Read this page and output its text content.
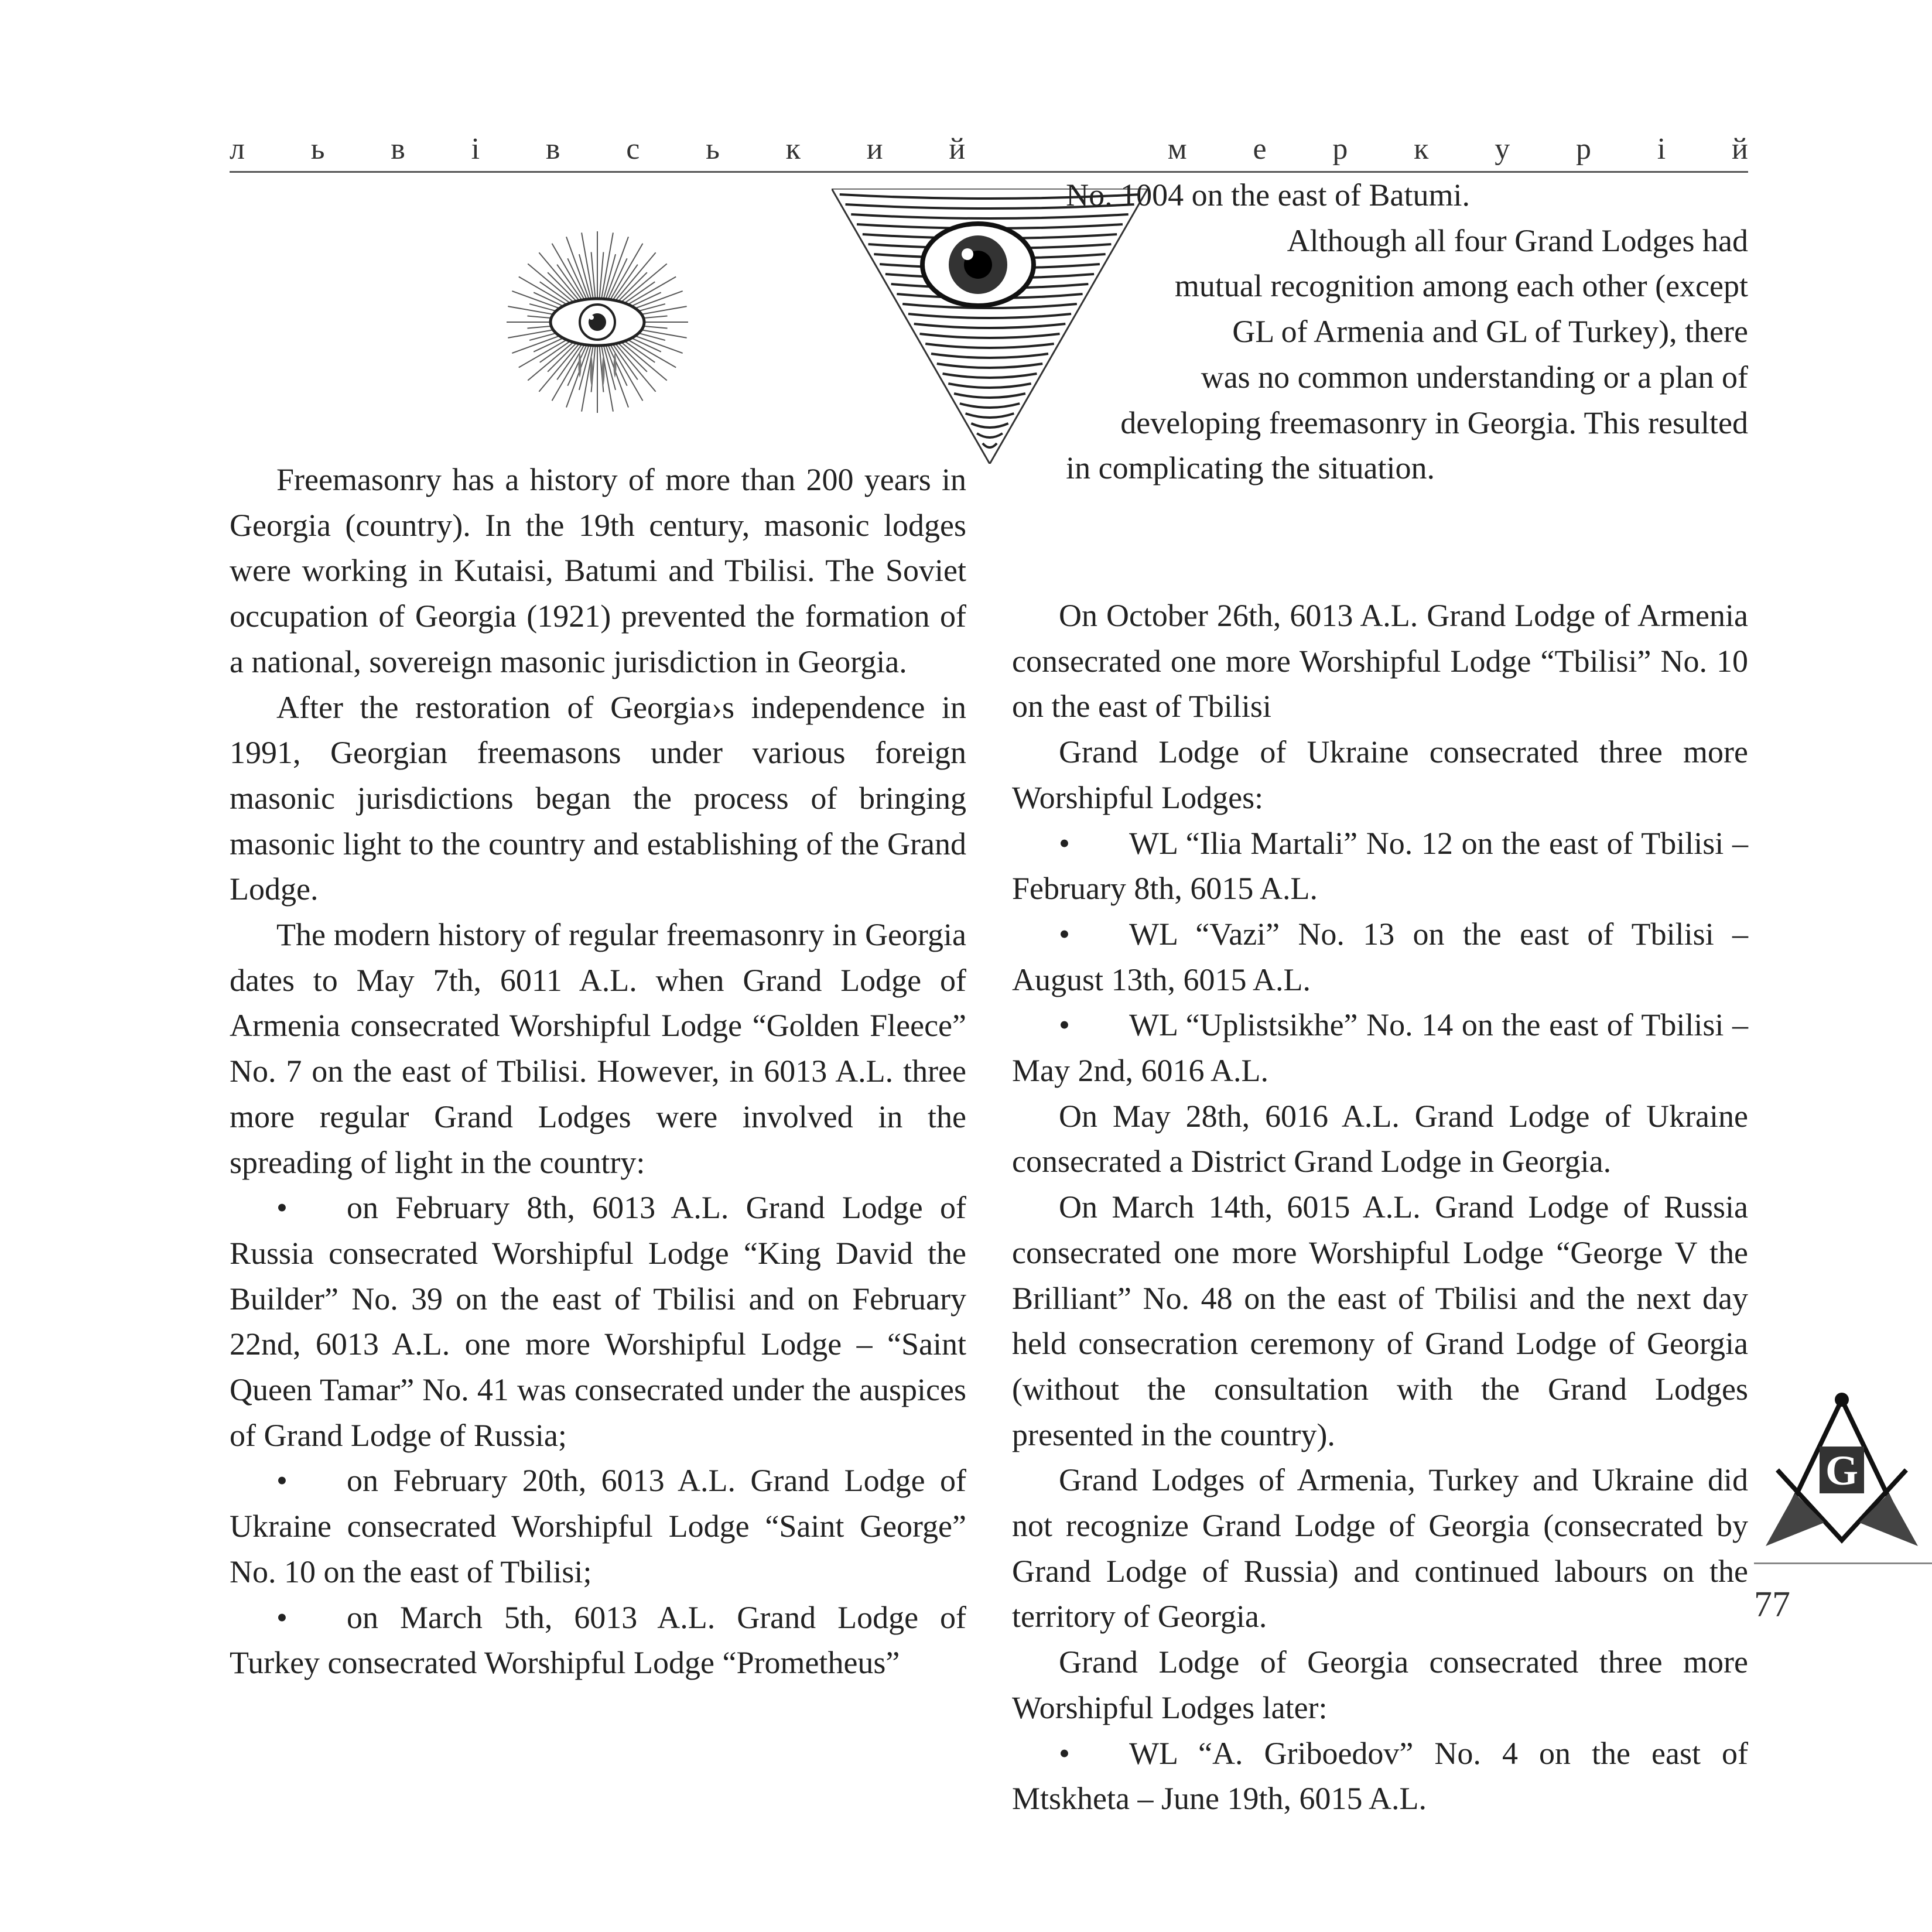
л ь в і в с ь к и й	м е р к у р і й
No. 1004 on the east of Batumi.
Although all four Grand Lodges had
mutual recognition among each other (except
GL of Armenia and GL of Turkey), there
was no common understanding or a plan of
developing freemasonry in Georgia. This resulted
in complicating the situation.

Freemasonry has a history of more than 200 years in Georgia (country). In the 19th century, masonic lodges were working in Kutaisi, Batumi and Tbilisi. The Soviet occupation of Georgia (1921) prevented the formation of a national, sovereign masonic jurisdiction in Georgia.

After the restoration of Georgia›s independence in 1991, Georgian freemasons under various foreign masonic jurisdictions began the process of bringing masonic light to the country and establishing of the Grand Lodge.

The modern history of regular freemasonry in Georgia dates to May 7th, 6011 A.L. when Grand Lodge of Armenia consecrated Worshipful Lodge “Golden Fleece” No. 7 on the east of Tbilisi. However, in 6013 A.L. three more regular Grand Lodges were involved in the spreading of light in the country:

• on February 8th, 6013 A.L. Grand Lodge of Russia consecrated Worshipful Lodge “King David the Builder” No. 39 on the east of Tbilisi and on February 22nd, 6013 A.L. one more Worshipful Lodge – “Saint Queen Tamar” No. 41 was consecrated under the auspices of Grand Lodge of Russia;

• on February 20th, 6013 A.L. Grand Lodge of Ukraine consecrated Worshipful Lodge “Saint George” No. 10 on the east of Tbilisi;

• on March 5th, 6013 A.L. Grand Lodge of Turkey consecrated Worshipful Lodge “Prometheus”

On October 26th, 6013 A.L. Grand Lodge of Armenia consecrated one more Worshipful Lodge “Tbilisi” No. 10 on the east of Tbilisi

Grand Lodge of Ukraine consecrated three more Worshipful Lodges:

• WL “Ilia Martali” No. 12 on the east of Tbilisi – February 8th, 6015 A.L.

• WL “Vazi” No. 13 on the east of Tbilisi – August 13th, 6015 A.L.

• WL “Uplistsikhe” No. 14 on the east of Tbilisi – May 2nd, 6016 A.L.

On May 28th, 6016 A.L. Grand Lodge of Ukraine consecrated a District Grand Lodge in Georgia.

On March 14th, 6015 A.L. Grand Lodge of Russia consecrated one more Worshipful Lodge “George V the Brilliant” No. 48 on the east of Tbilisi and the next day held consecration ceremony of Grand Lodge of Georgia (without the consultation with the Grand Lodges presented in the country).

Grand Lodges of Armenia, Turkey and Ukraine did not recognize Grand Lodge of Georgia (consecrated by Grand Lodge of Russia) and continued labours on the territory of Georgia.

Grand Lodge of Georgia consecrated three more Worshipful Lodges later:

• WL “A. Griboedov” No. 4 on the east of Mtskheta – June 19th, 6015 A.L.

G
77
